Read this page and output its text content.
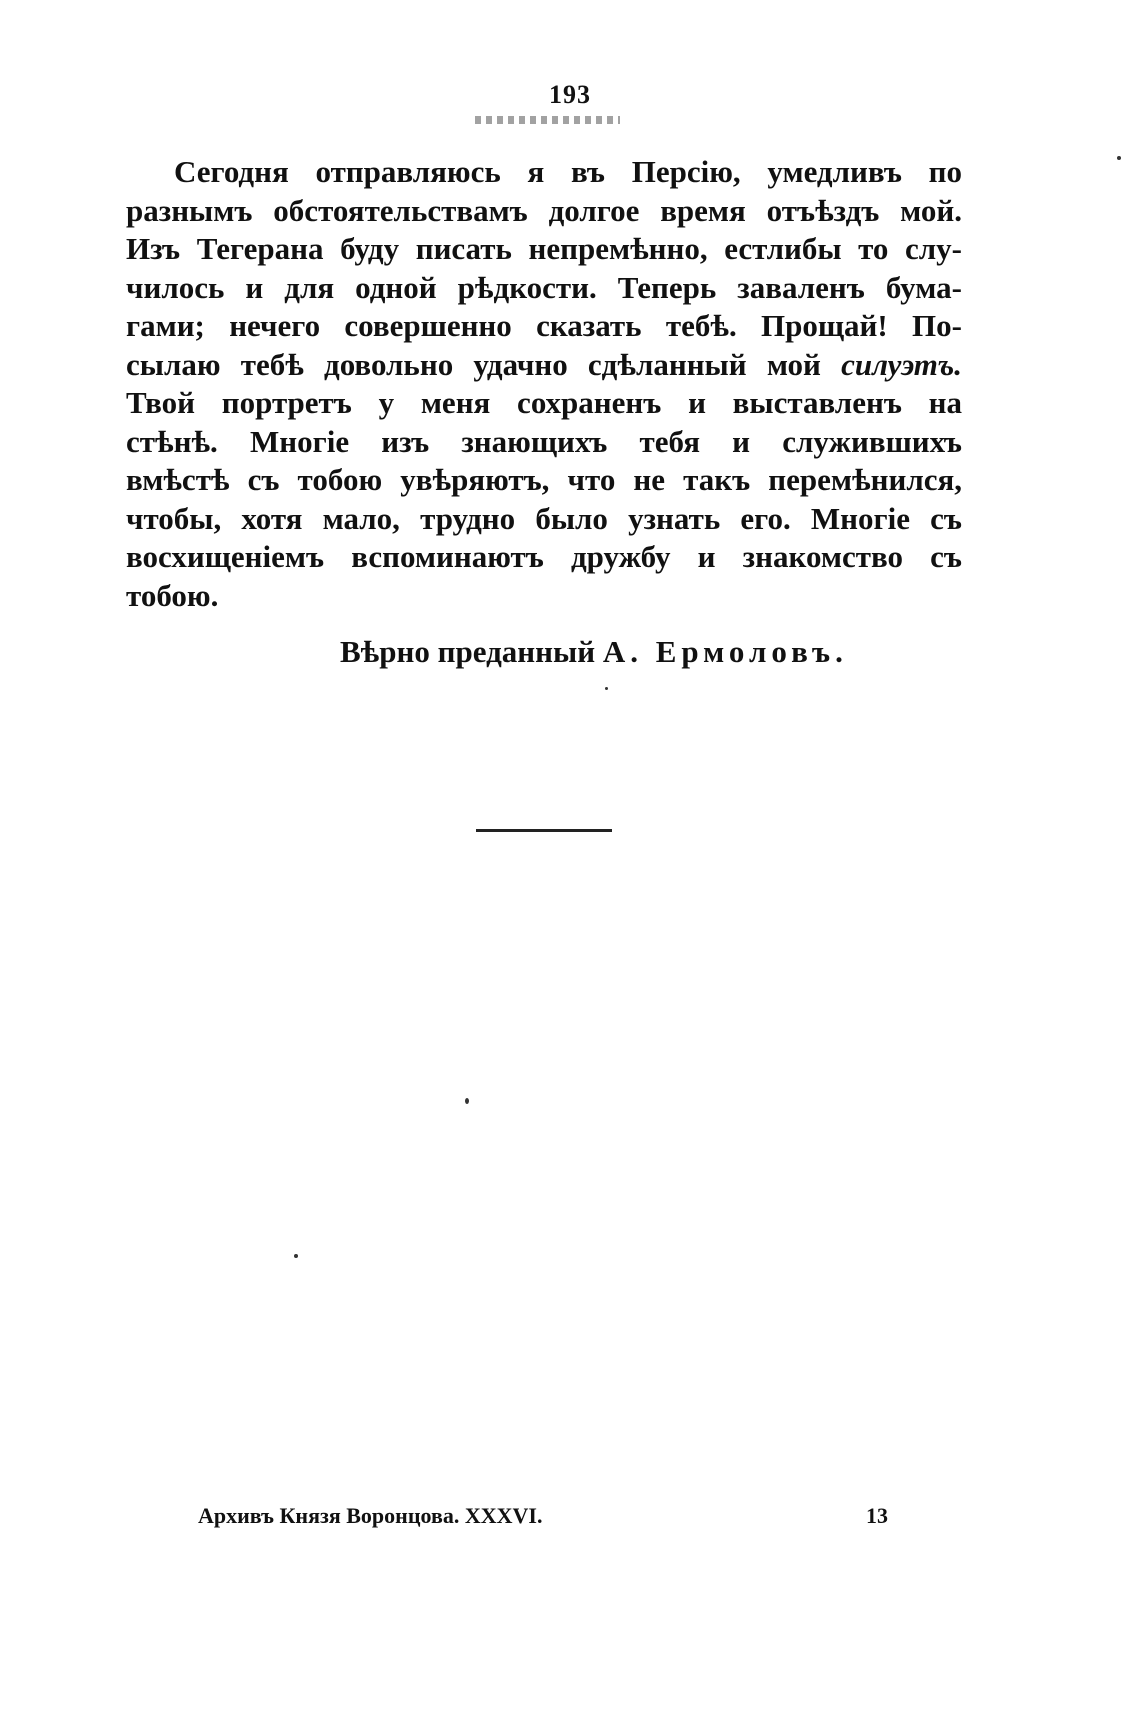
193
Сегодня отправляюсь я въ Персію, умедливъ по
разнымъ обстоятельствамъ долгое время отъѣздъ мой.
Изъ Тегерана буду писать непремѣнно, естлибы то слу-
чилось и для одной рѣдкости. Теперь заваленъ бума-
гами; нечего совершенно сказать тебѣ. Прощай! По-
сылаю тебѣ довольно удачно сдѣланный мой силуэтъ.
Твой портретъ у меня сохраненъ и выставленъ на
стѣнѣ. Многіе изъ знающихъ тебя и служившихъ
вмѣстѣ съ тобою увѣряютъ, что не такъ перемѣнился,
чтобы, хотя мало, трудно было узнать его. Многіе съ
восхищеніемъ вспоминаютъ дружбу и знакомство съ
тобою.
Вѣрно преданный А. Ермоловъ.
Архивъ Князя Воронцова. XXXVI.	13
